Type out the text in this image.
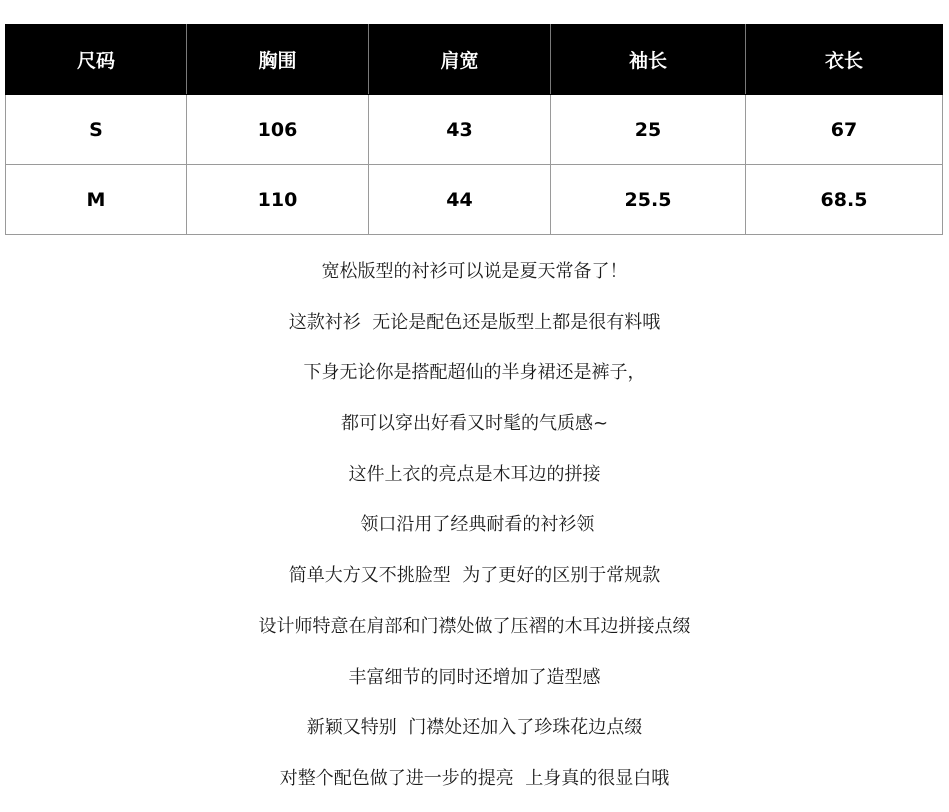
尺码	胸围	肩宽	袖长	衣长
S	106	43	25	67
M	110	44	25.5	68.5
宽松版型的衬衫可以说是夏天常备了！
这款衬衫  无论是配色还是版型上都是很有料哦
下身无论你是搭配超仙的半身裙还是裤子，
都可以穿出好看又时髦的气质感~
这件上衣的亮点是木耳边的拼接
领口沿用了经典耐看的衬衫领
简单大方又不挑脸型  为了更好的区别于常规款
设计师特意在肩部和门襟处做了压褶的木耳边拼接点缀
丰富细节的同时还增加了造型感
新颖又特别  门襟处还加入了珍珠花边点缀
对整个配色做了进一步的提亮  上身真的很显白哦
